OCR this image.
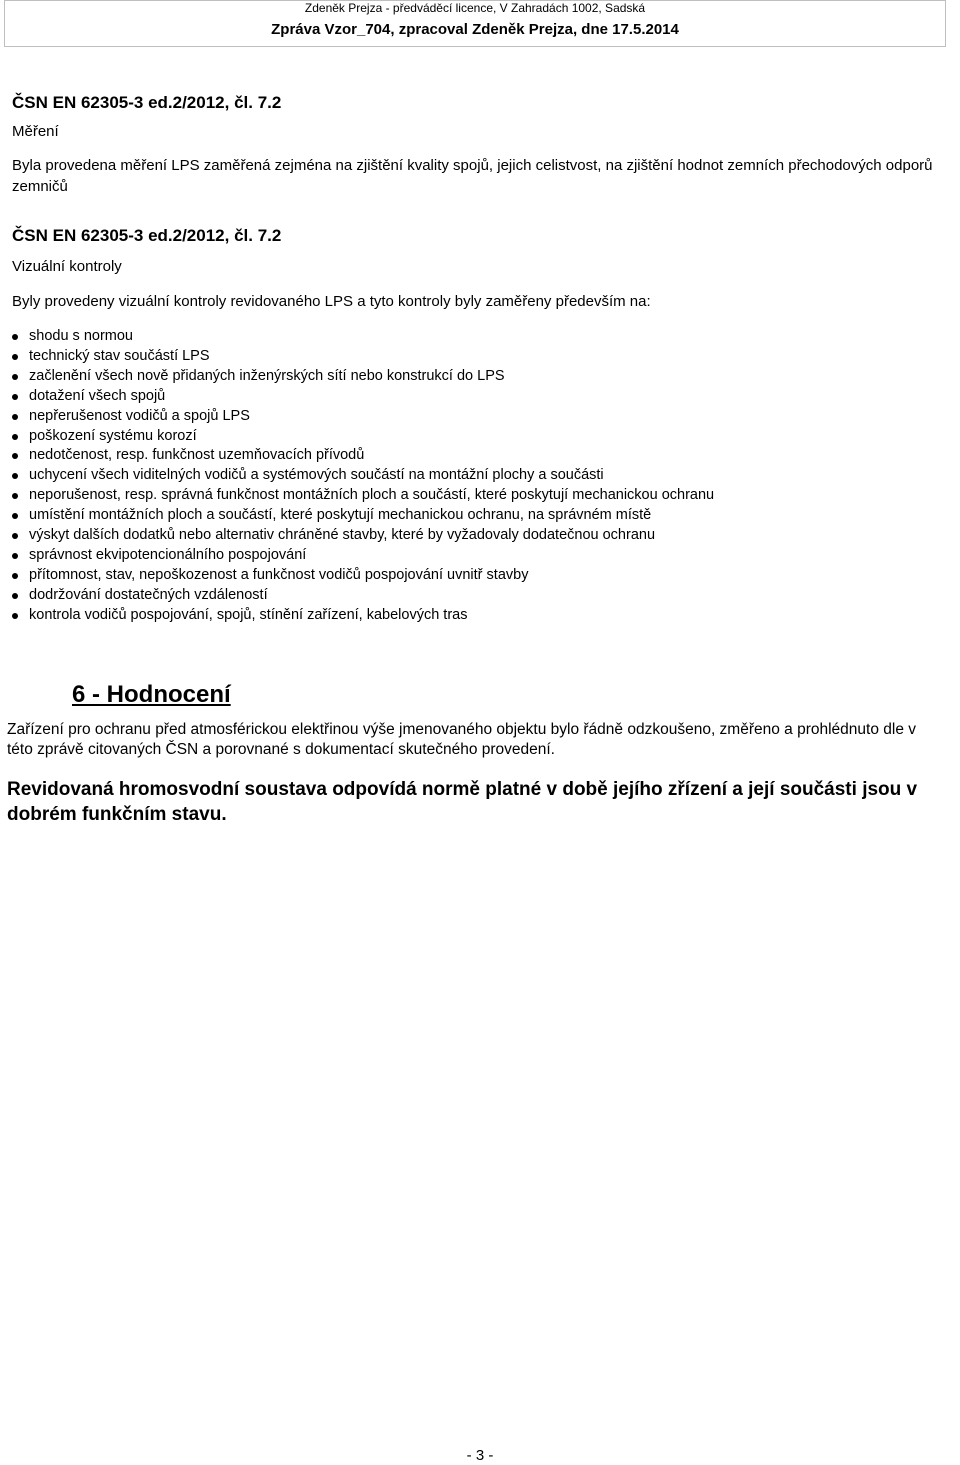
Zdeněk Prejza - předváděcí licence, V Zahradách 1002, Sadská
Zpráva Vzor_704, zpracoval Zdeněk Prejza, dne 17.5.2014

ČSN EN 62305-3 ed.2/2012, čl. 7.2

Měření

Byla provedena měření LPS zaměřená zejména na zjištění kvality spojů, jejich celistvost, na zjištění hodnot zemních přechodových odporů zemničů

ČSN EN 62305-3 ed.2/2012, čl. 7.2

Vizuální kontroly

Byly provedeny vizuální kontroly revidovaného LPS a tyto kontroly byly zaměřeny především na:

shodu s normou
technický stav součástí LPS
začlenění všech nově přidaných inženýrských sítí nebo konstrukcí do LPS
dotažení všech spojů
nepřerušenost vodičů a spojů LPS
poškození systému korozí
nedotčenost, resp. funkčnost uzemňovacích přívodů
uchycení všech viditelných vodičů a systémových součástí na montážní plochy a součásti
neporušenost, resp. správná funkčnost montážních ploch a součástí, které poskytují mechanickou ochranu
umístění montážních ploch a součástí, které poskytují mechanickou ochranu, na správném místě
výskyt dalších dodatků nebo alternativ chráněné stavby, které by vyžadovaly dodatečnou ochranu
správnost ekvipotencionálního pospojování
přítomnost, stav, nepoškozenost a funkčnost vodičů pospojování uvnitř stavby
dodržování dostatečných vzdáleností
kontrola vodičů pospojování, spojů, stínění zařízení, kabelových tras
6 - Hodnocení

Zařízení pro ochranu před atmosférickou elektřinou výše jmenovaného objektu bylo řádně odzkoušeno, změřeno a prohlédnuto dle v této zprávě citovaných ČSN a porovnané s dokumentací skutečného provedení.

Revidovaná hromosvodní soustava odpovídá normě platné v době jejího zřízení a její součásti jsou v dobrém funkčním stavu.

- 3 -
